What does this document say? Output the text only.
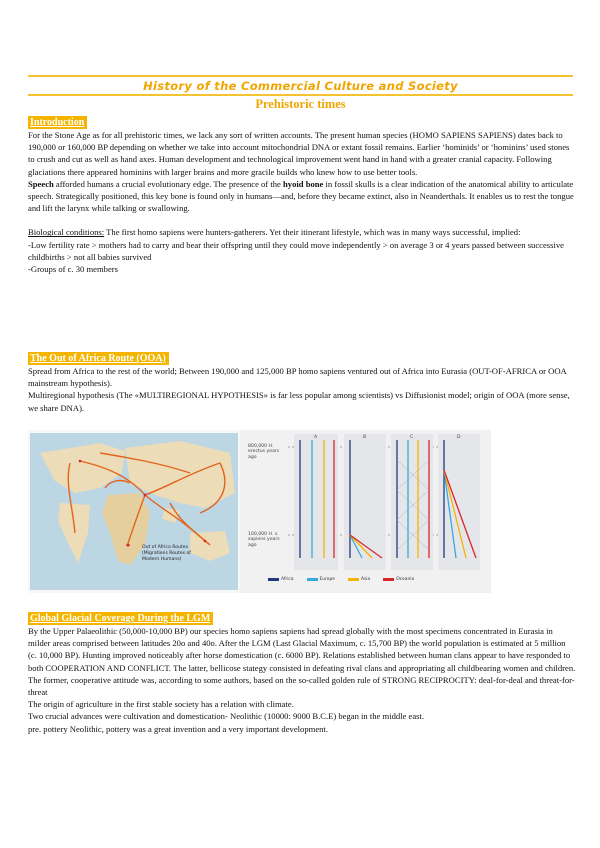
History of the Commercial Culture and Society
Prehistoric times
Introduction

For the Stone Age as for all prehistoric times, we lack any sort of written accounts. The present human species (HOMO SAPIENS SAPIENS) dates back to 190,000 or 160,000 BP depending on whether we take into account mitochondrial DNA or extant fossil remains. Earlier ‘hominids’ or ‘hominins’ used stones to crush and cut as well as hand axes. Human development and technological improvement went hand in hand with a greater cranial capacity. Following glaciations there appeared hominins with larger brains and more gracile builds who knew how to use better tools.

Speech afforded humans a crucial evolutionary edge. The presence of the hyoid bone in fossil skulls is a clear indication of the anatomical ability to articulate speech. Strategically positioned, this key bone is found only in humans—and, before they became extinct, also in Neanderthals. It enables us to rest the tongue and lift the larynx while talking or swallowing.

Biological conditions: The first homo sapiens were hunters-gatherers. Yet their itinerant lifestyle, which was in many ways successful, implied:

-Low fertility rate > mothers had to carry and bear their offspring until they could move independently > on average 3 or 4 years passed between successive childbirths > not all babies survived

-Groups of c. 30 members

The Out of Africa Route (OOA)

Spread from Africa to the rest of the world; Between 190,000 and 125,000 BP homo sapiens ventured out of Africa into Eurasia (OUT-OF-AFRICA or OOA mainstream hypothesis).

Multiregional hypothesis (The «MULTIREGIONAL HYPOTHESIS» is far less popular among scientists) vs Diffusionist model; origin of OOA (more sense, we share DNA).

Out of Africa Routes (Migrations Routes of Modern Humans)
800,000 H. erectus years ago
100,000 H. s. sapiens years ago
A	B	C	D
Africa	Europe	Asia	Oceania
Global Glacial Coverage During the LGM

By the Upper Palaeolithic (50,000-10,000 BP) our species homo sapiens sapiens had spread globally with the most specimens concentrated in Eurasia in milder areas comprised between latitudes 20o and 40o. After the LGM (Last Glacial Maximum, c. 15,700 BP) the world population is estimated at 5 million (c. 10,000 BP). Hunting improved noticeably after horse domestication (c. 6000 BP). Relations established between human clans appear to have responded to both COOPERATION AND CONFLICT. The latter, bellicose stategy consisted in defeating rival clans and appropriating all childbearing women and children. The former, cooperative attitude was, according to some authors, based on the so-called golden rule of STRONG RECIPROCITY: deal-for-deal and threat-for-threat

The origin of agriculture in the first stable society has a relation with climate.

Two crucial advances were cultivation and domestication- Neolithic (10000: 9000 B.C.E) began in the middle east.

pre. pottery Neolithic, pottery was a great invention and a very important development.
